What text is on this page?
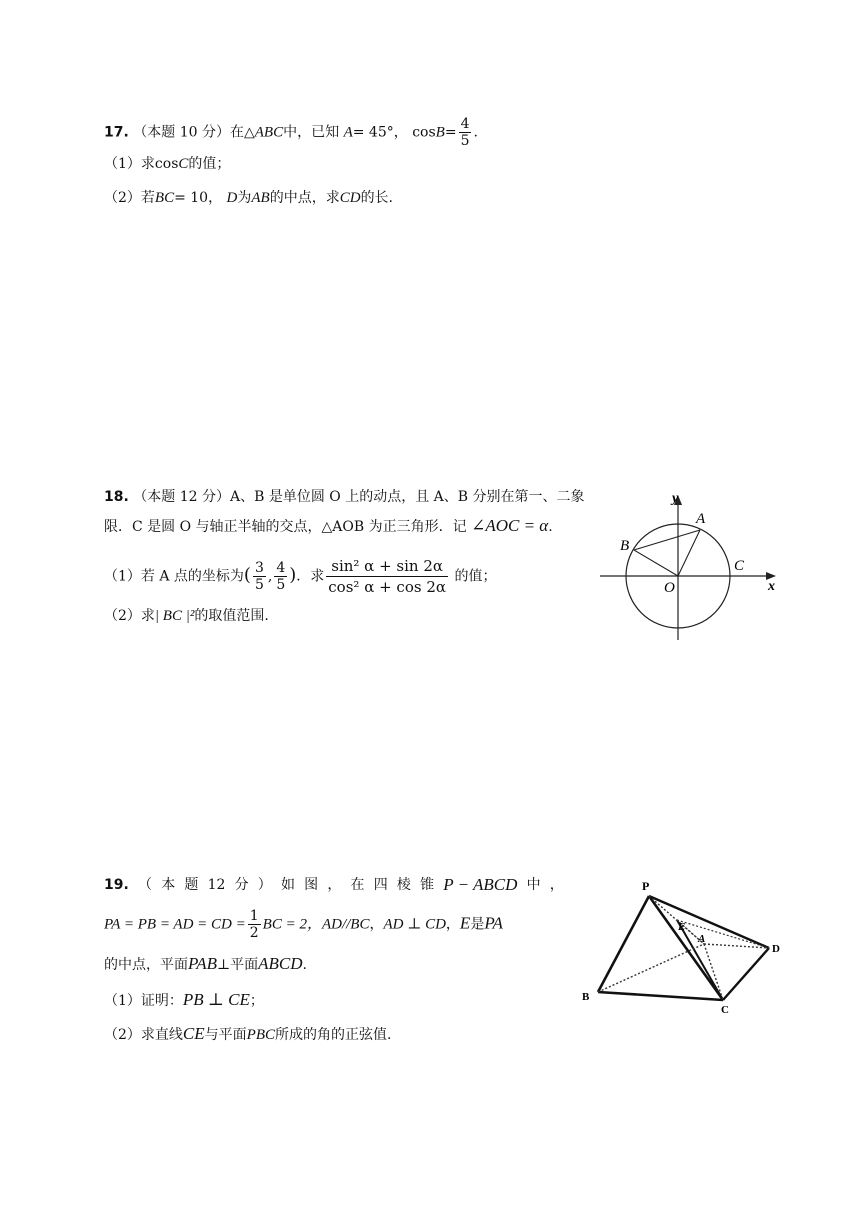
17. （本题 10 分）在△ABC中，已知 A= 45°， $\cos B= \frac{4}{5}$ .
（1）求cosC的值；
（2）若BC= 10， D为AB的中点，求CD的长.
18. （本题 12 分）A、B 是单位圆 O 上的动点，且 A、B 分别在第一、二象
限．C 是圆 O 与轴正半轴的交点，△AOB 为正三角形．记 ∠AOC = α.
（1）若 A 点的坐标为( $\frac{3}{5}$ , $\frac{4}{5}$ )．求 $\frac{\text{sin² α + sin 2α}}{\text{cos² α + cos 2α}}$ 的值；
（2）求| BC |²的取值范围.
y
x
O
A
B
C
19. （ 本 题 12 分 ） 如 图 ， 在 四 棱 锥 P − ABCD 中 ，
PA = PB = AD = CD = $\frac{1}{2}$ BC = 2，AD//BC，AD ⊥ CD，E是PA
的中点，平面PAB⊥平面ABCD.
（1）证明：PB ⊥ CE；
（2）求直线CE与平面PBC所成的角的正弦值.
P
E
A
D
B
C
